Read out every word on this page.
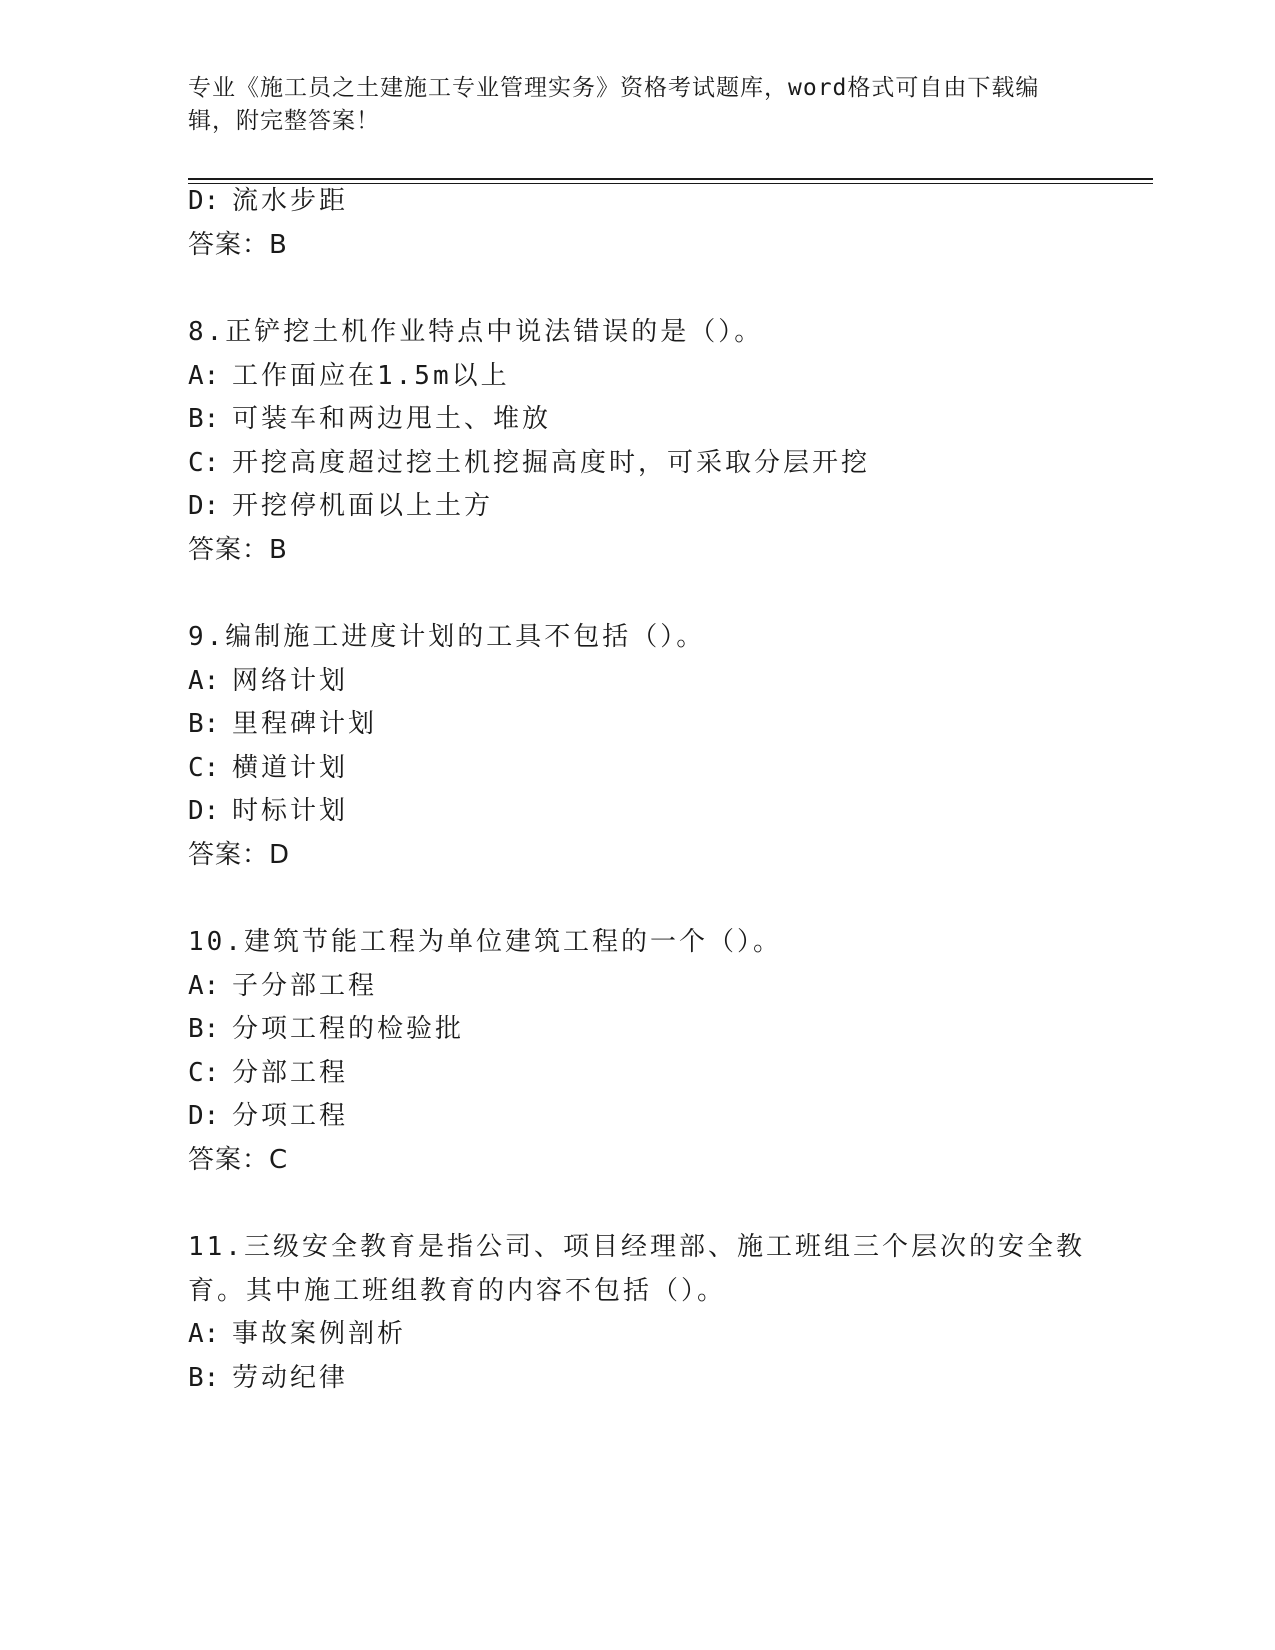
专业《施工员之土建施工专业管理实务》资格考试题库，word格式可自由下载编辑，附完整答案！
D: 流水步距
答案：B
8.正铲挖土机作业特点中说法错误的是（）。
A: 工作面应在1.5m以上
B: 可装车和两边甩土、堆放
C: 开挖高度超过挖土机挖掘高度时，可采取分层开挖
D: 开挖停机面以上土方
答案：B
9.编制施工进度计划的工具不包括（）。
A: 网络计划
B: 里程碑计划
C: 横道计划
D: 时标计划
答案：D
10.建筑节能工程为单位建筑工程的一个（）。
A: 子分部工程
B: 分项工程的检验批
C: 分部工程
D: 分项工程
答案：C
11.三级安全教育是指公司、项目经理部、施工班组三个层次的安全教
育。其中施工班组教育的内容不包括（）。
A: 事故案例剖析
B: 劳动纪律
